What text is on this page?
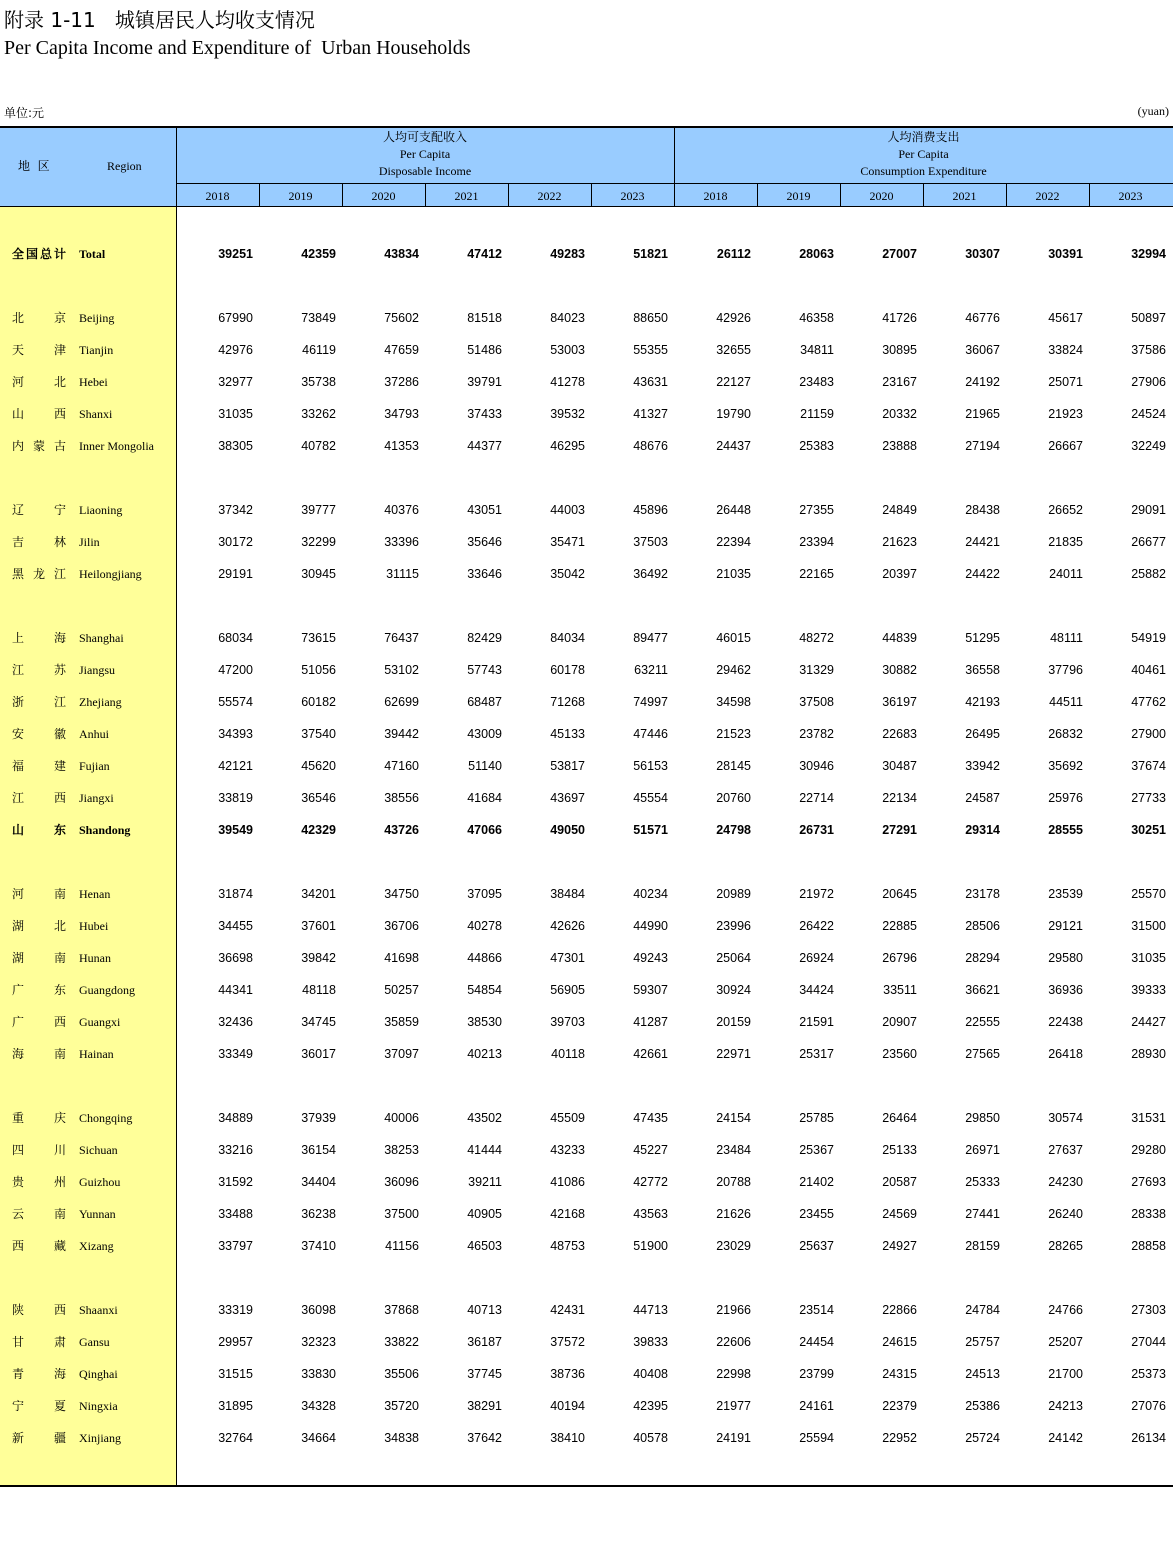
附录 1-11   城镇居民人均收支情况
Per Capita Income and Expenditure of  Urban Households
单位:元	(yuan)
地  区	Region
人均可支配收入
Per Capita
Disposable Income
人均消费支出
Per Capita
Consumption Expenditure
2018	2019	2020	2021	2022	2023	2018	2019	2020	2021	2022	2023
全国总计 Total	39251	42359	43834	47412	49283	51821	26112	28063	27007	30307	30391	32994
北京 Beijing	67990	73849	75602	81518	84023	88650	42926	46358	41726	46776	45617	50897
天津 Tianjin	42976	46119	47659	51486	53003	55355	32655	34811	30895	36067	33824	37586
河北 Hebei	32977	35738	37286	39791	41278	43631	22127	23483	23167	24192	25071	27906
山西 Shanxi	31035	33262	34793	37433	39532	41327	19790	21159	20332	21965	21923	24524
内蒙古 Inner Mongolia	38305	40782	41353	44377	46295	48676	24437	25383	23888	27194	26667	32249
辽宁 Liaoning	37342	39777	40376	43051	44003	45896	26448	27355	24849	28438	26652	29091
吉林 Jilin	30172	32299	33396	35646	35471	37503	22394	23394	21623	24421	21835	26677
黑龙江 Heilongjiang	29191	30945	31115	33646	35042	36492	21035	22165	20397	24422	24011	25882
上海 Shanghai	68034	73615	76437	82429	84034	89477	46015	48272	44839	51295	48111	54919
江苏 Jiangsu	47200	51056	53102	57743	60178	63211	29462	31329	30882	36558	37796	40461
浙江 Zhejiang	55574	60182	62699	68487	71268	74997	34598	37508	36197	42193	44511	47762
安徽 Anhui	34393	37540	39442	43009	45133	47446	21523	23782	22683	26495	26832	27900
福建 Fujian	42121	45620	47160	51140	53817	56153	28145	30946	30487	33942	35692	37674
江西 Jiangxi	33819	36546	38556	41684	43697	45554	20760	22714	22134	24587	25976	27733
山东 Shandong	39549	42329	43726	47066	49050	51571	24798	26731	27291	29314	28555	30251
河南 Henan	31874	34201	34750	37095	38484	40234	20989	21972	20645	23178	23539	25570
湖北 Hubei	34455	37601	36706	40278	42626	44990	23996	26422	22885	28506	29121	31500
湖南 Hunan	36698	39842	41698	44866	47301	49243	25064	26924	26796	28294	29580	31035
广东 Guangdong	44341	48118	50257	54854	56905	59307	30924	34424	33511	36621	36936	39333
广西 Guangxi	32436	34745	35859	38530	39703	41287	20159	21591	20907	22555	22438	24427
海南 Hainan	33349	36017	37097	40213	40118	42661	22971	25317	23560	27565	26418	28930
重庆 Chongqing	34889	37939	40006	43502	45509	47435	24154	25785	26464	29850	30574	31531
四川 Sichuan	33216	36154	38253	41444	43233	45227	23484	25367	25133	26971	27637	29280
贵州 Guizhou	31592	34404	36096	39211	41086	42772	20788	21402	20587	25333	24230	27693
云南 Yunnan	33488	36238	37500	40905	42168	43563	21626	23455	24569	27441	26240	28338
西藏 Xizang	33797	37410	41156	46503	48753	51900	23029	25637	24927	28159	28265	28858
陕西 Shaanxi	33319	36098	37868	40713	42431	44713	21966	23514	22866	24784	24766	27303
甘肃 Gansu	29957	32323	33822	36187	37572	39833	22606	24454	24615	25757	25207	27044
青海 Qinghai	31515	33830	35506	37745	38736	40408	22998	23799	24315	24513	21700	25373
宁夏 Ningxia	31895	34328	35720	38291	40194	42395	21977	24161	22379	25386	24213	27076
新疆 Xinjiang	32764	34664	34838	37642	38410	40578	24191	25594	22952	25724	24142	26134
